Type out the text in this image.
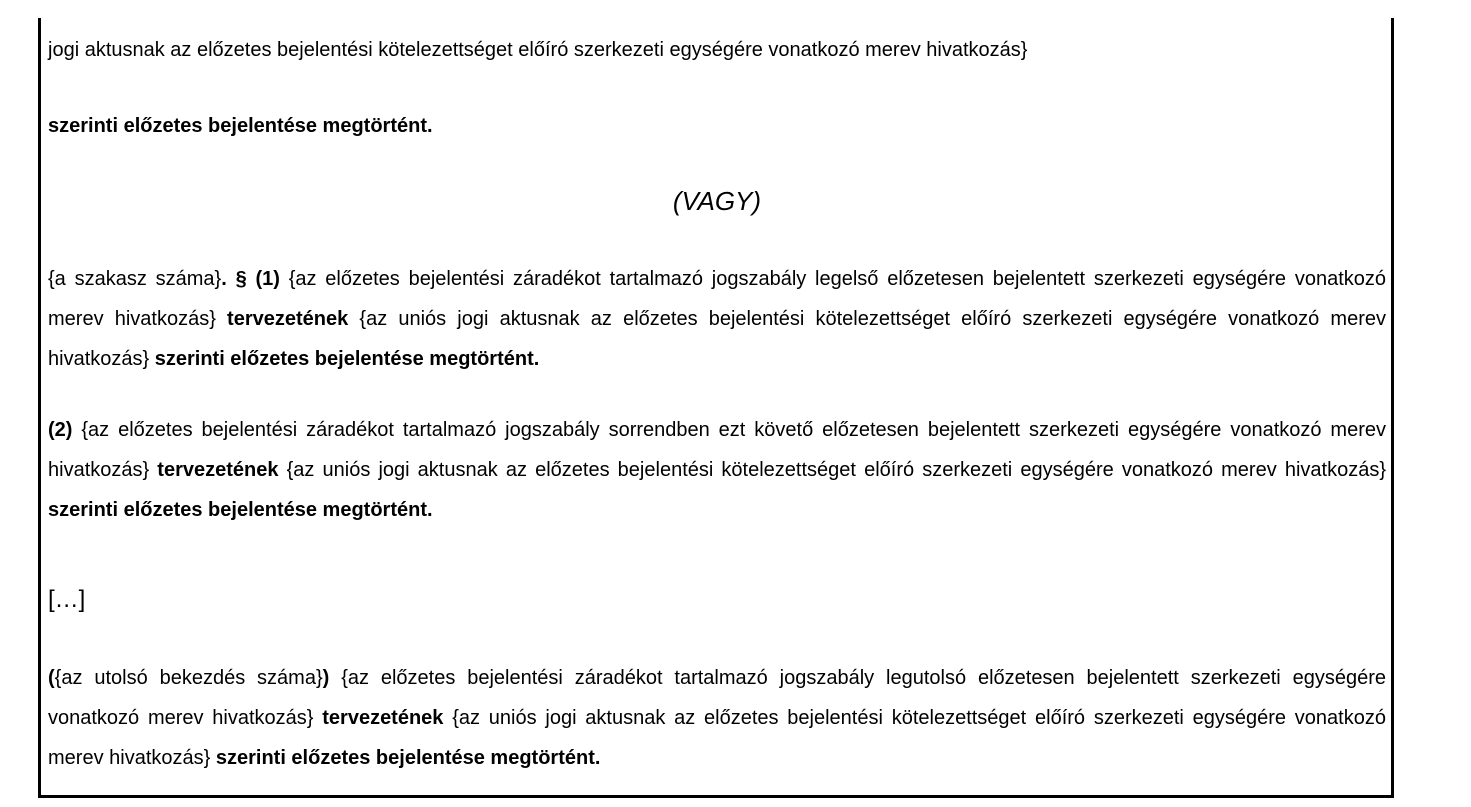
jogi aktusnak az előzetes bejelentési kötelezettséget előíró szerkezeti egységére vonatkozó merev hivatkozás}

szerinti előzetes bejelentése megtörtént.

(VAGY)

{a szakasz száma}. § (1) {az előzetes bejelentési záradékot tartalmazó jogszabály legelső előzetesen bejelentett szerkezeti egységére vonatkozó merev hivatkozás} tervezetének {az uniós jogi aktusnak az előzetes bejelentési kötelezettséget előíró szerkezeti egységére vonatkozó merev hivatkozás} szerinti előzetes bejelentése megtörtént.

(2) {az előzetes bejelentési záradékot tartalmazó jogszabály sorrendben ezt követő előzetesen bejelentett szerkezeti egységére vonatkozó merev hivatkozás} tervezetének {az uniós jogi aktusnak az előzetes bejelentési kötelezettséget előíró szerkezeti egységére vonatkozó merev hivatkozás} szerinti előzetes bejelentése megtörtént.

[…]

({az utolsó bekezdés száma}) {az előzetes bejelentési záradékot tartalmazó jogszabály legutolsó előzetesen bejelentett szerkezeti egységére vonatkozó merev hivatkozás} tervezetének {az uniós jogi aktusnak az előzetes bejelentési kötelezettséget előíró szerkezeti egységére vonatkozó merev hivatkozás} szerinti előzetes bejelentése megtörtént.
